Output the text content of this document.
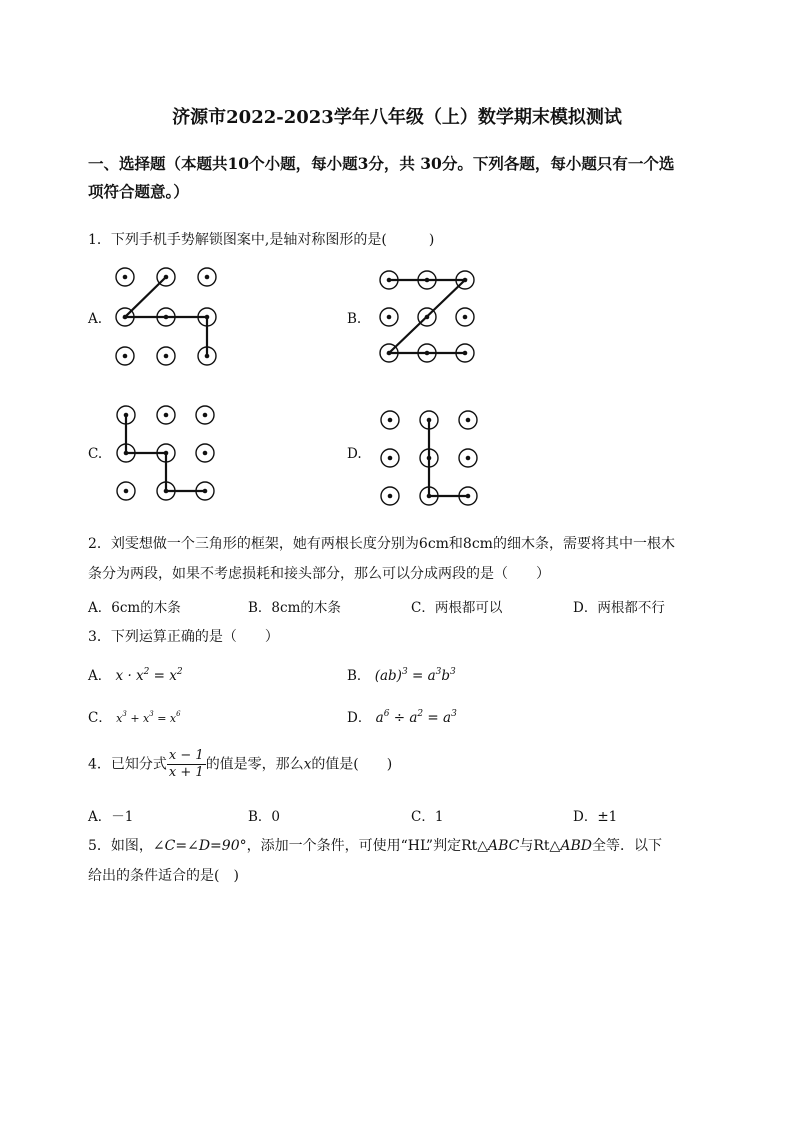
济源市2022-2023学年八年级（上）数学期末模拟测试
一、选择题（本题共10个小题，每小题3分，共 30分。下列各题，每小题只有一个选
项符合题意。）
1．下列手机手势解锁图案中,是轴对称图形的是(　　　)
A.	B.
C.	D.
2．刘雯想做一个三角形的框架，她有两根长度分别为6cm和8cm的细木条，需要将其中一根木
条分为两段，如果不考虑损耗和接头部分，那么可以分成两段的是（　　）
A．6cm的木条	B．8cm的木条	C．两根都可以	D．两根都不行
3．下列运算正确的是（　　）
A． $x \cdot x^2 = x^2$	B． $(ab)^3 = a^3b^3$
C． $x^3 + x^3 = x^6$	D． $a^6 \div a^2 = a^3$
4．已知分式 $\frac{x - 1}{x + 1}$ 的值是零，那么x的值是(　　)
A．－1	B．0	C．1	D．±1
5．如图，∠C=∠D=90°，添加一个条件，可使用“HL”判定Rt△ABC与Rt△ABD全等．以下
给出的条件适合的是(　)
